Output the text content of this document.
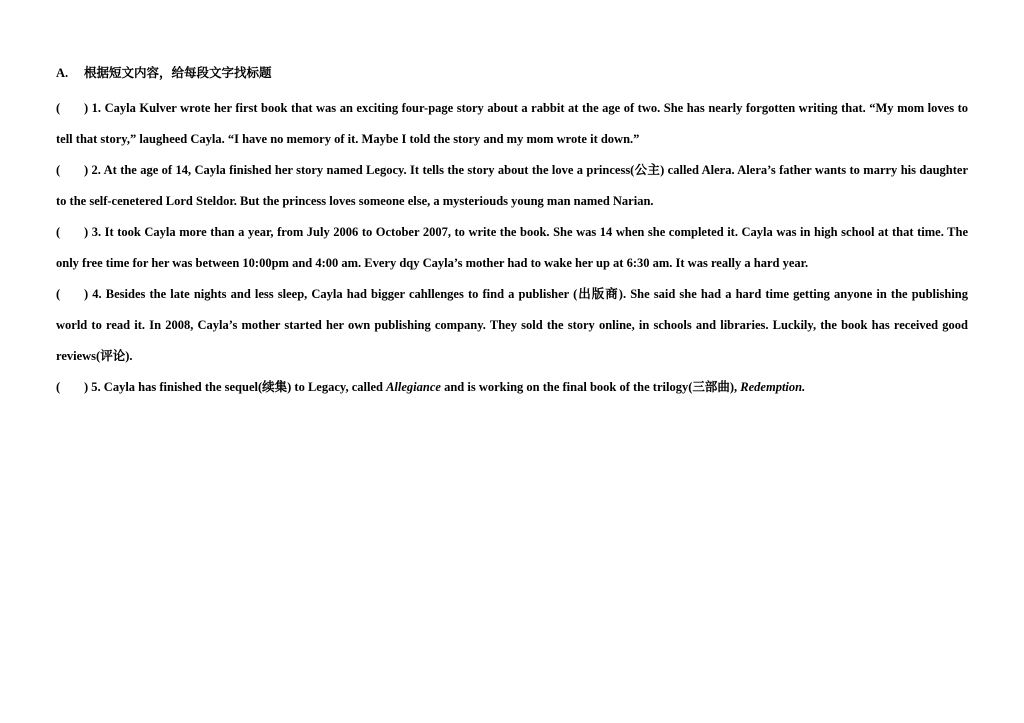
A. 根据短文内容，给每段文字找标题

( ) 1. Cayla Kulver wrote her first book that was an exciting four-page story about a rabbit at the age of two. She has nearly forgotten writing that. “My mom loves to tell that story,” laugheed Cayla. “I have no memory of it. Maybe I told the story and my mom wrote it down.”

( ) 2. At the age of 14, Cayla finished her story named Legocy. It tells the story about the love a princess(公主) called Alera. Alera’s father wants to marry his daughter to the self-cenetered Lord Steldor. But the princess loves someone else, a mysteriouds young man named Narian.

( ) 3. It took Cayla more than a year, from July 2006 to October 2007, to write the book. She was 14 when she completed it. Cayla was in high school at that time. The only free time for her was between 10:00pm and 4:00 am. Every dqy Cayla’s mother had to wake her up at 6:30 am. It was really a hard year.

( ) 4. Besides the late nights and less sleep, Cayla had bigger cahllenges to find a publisher (出版商). She said she had a hard time getting anyone in the publishing world to read it. In 2008, Cayla’s mother started her own publishing company. They sold the story online, in schools and libraries. Luckily, the book has received good reviews(评论).

( ) 5. Cayla has finished the sequel(续集) to Legacy, called Allegiance and is working on the final book of the trilogy(三部曲), Redemption.
